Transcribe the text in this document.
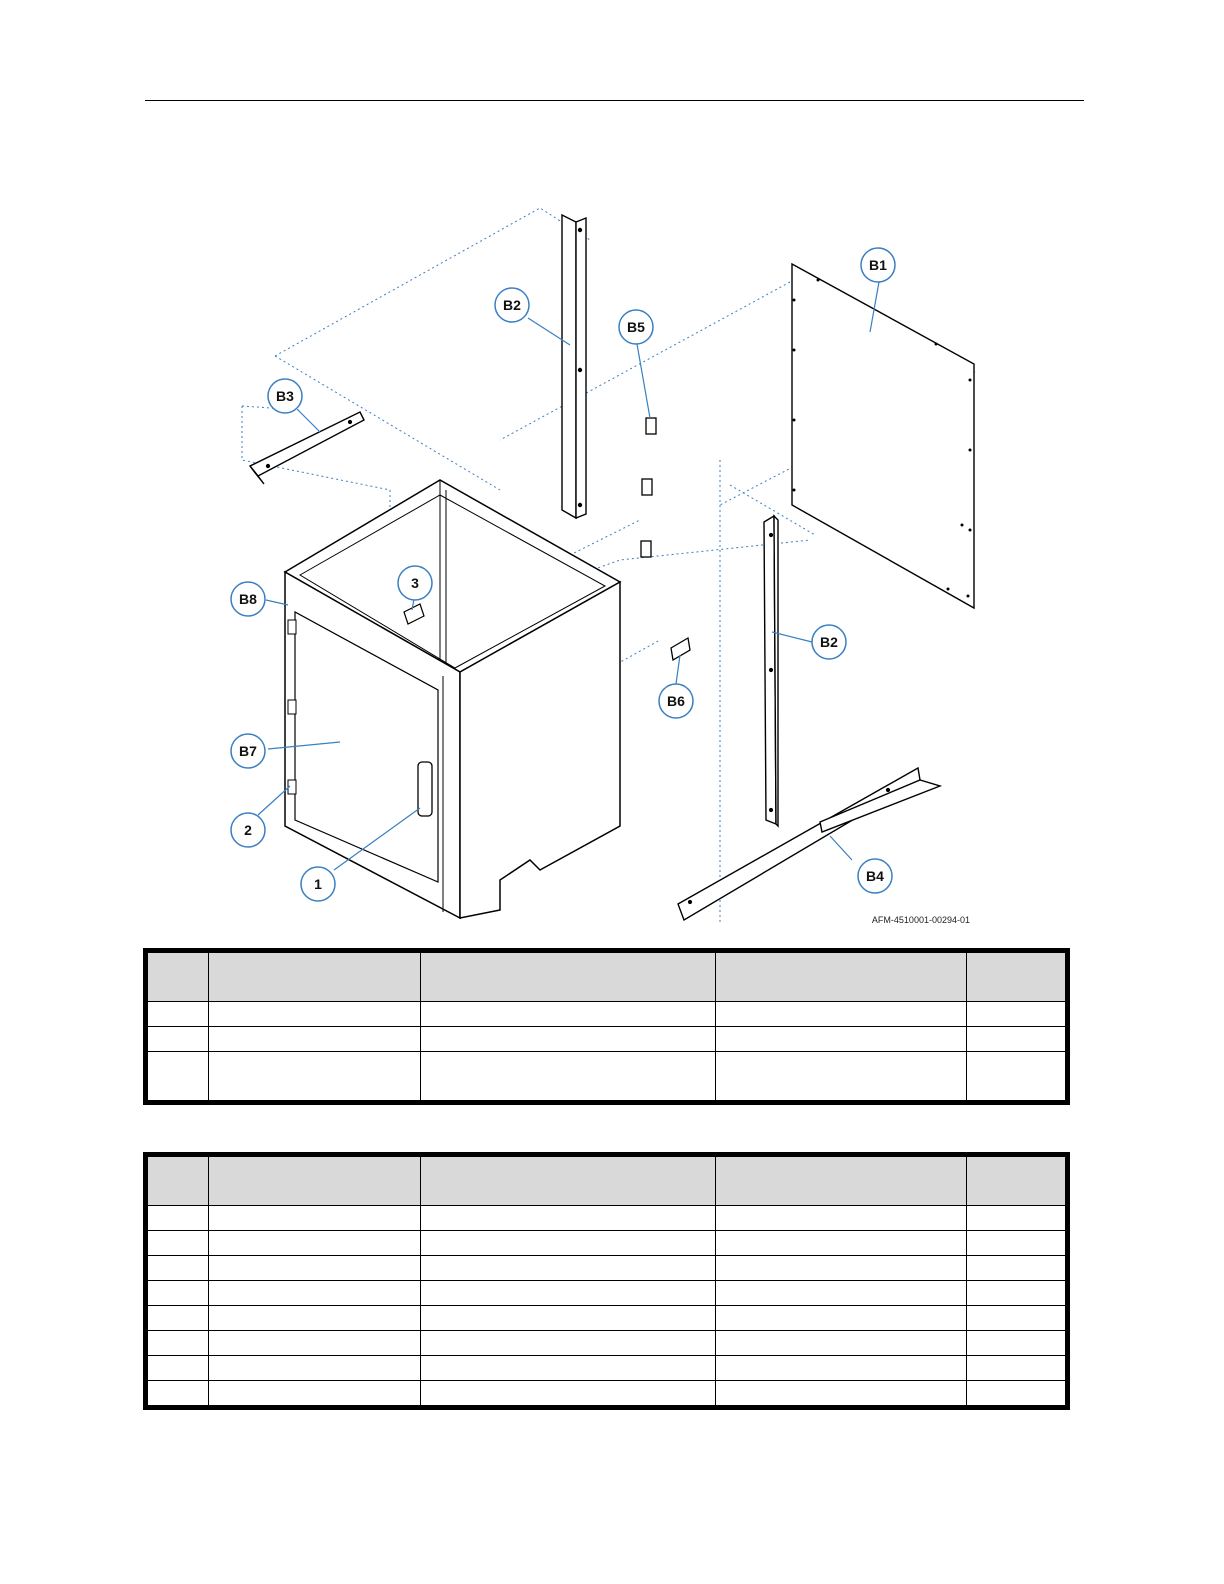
B1
B2
B2
B3
B4
B5
B6
B7
B8
1
2
3
AFM-4510001-00294-01
